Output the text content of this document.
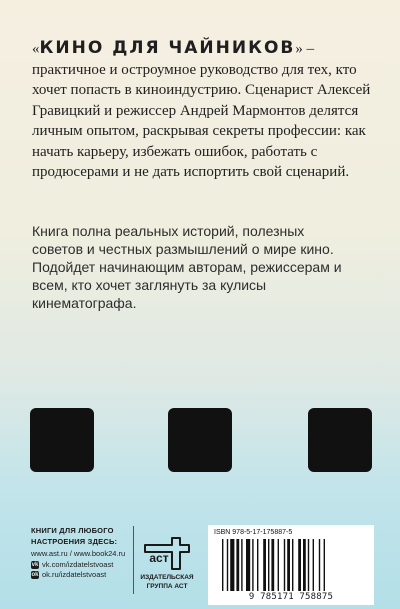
«КИНО ДЛЯ ЧАЙНИКОВ» – практичное и остроумное руководство для тех, кто хочет попасть в киноиндустрию. Сценарист Алексей Гравицкий и режиссер Андрей Мармонтов делятся личным опытом, раскрывая секреты профессии: как начать карьеру, избежать ошибок, работать с продюсерами и не дать испортить свой сценарий.

Книга полна реальных историй, полезных советов и честных размышлений о мире кино. Подойдет начинающим авторам, режиссерам и всем, кто хочет заглянуть за кулисы кинематографа.

КНИГИ ДЛЯ ЛЮБОГО
НАСТРОЕНИЯ ЗДЕСЬ:

www.ast.ru / www.book24.ru
vk vk.com/izdatelstvoast
ok ok.ru/izdatelstvoast
аст
ИЗДАТЕЛЬСКАЯ
ГРУППА АСТ
ISBN 978-5-17-175887-5
9 785171 758875
